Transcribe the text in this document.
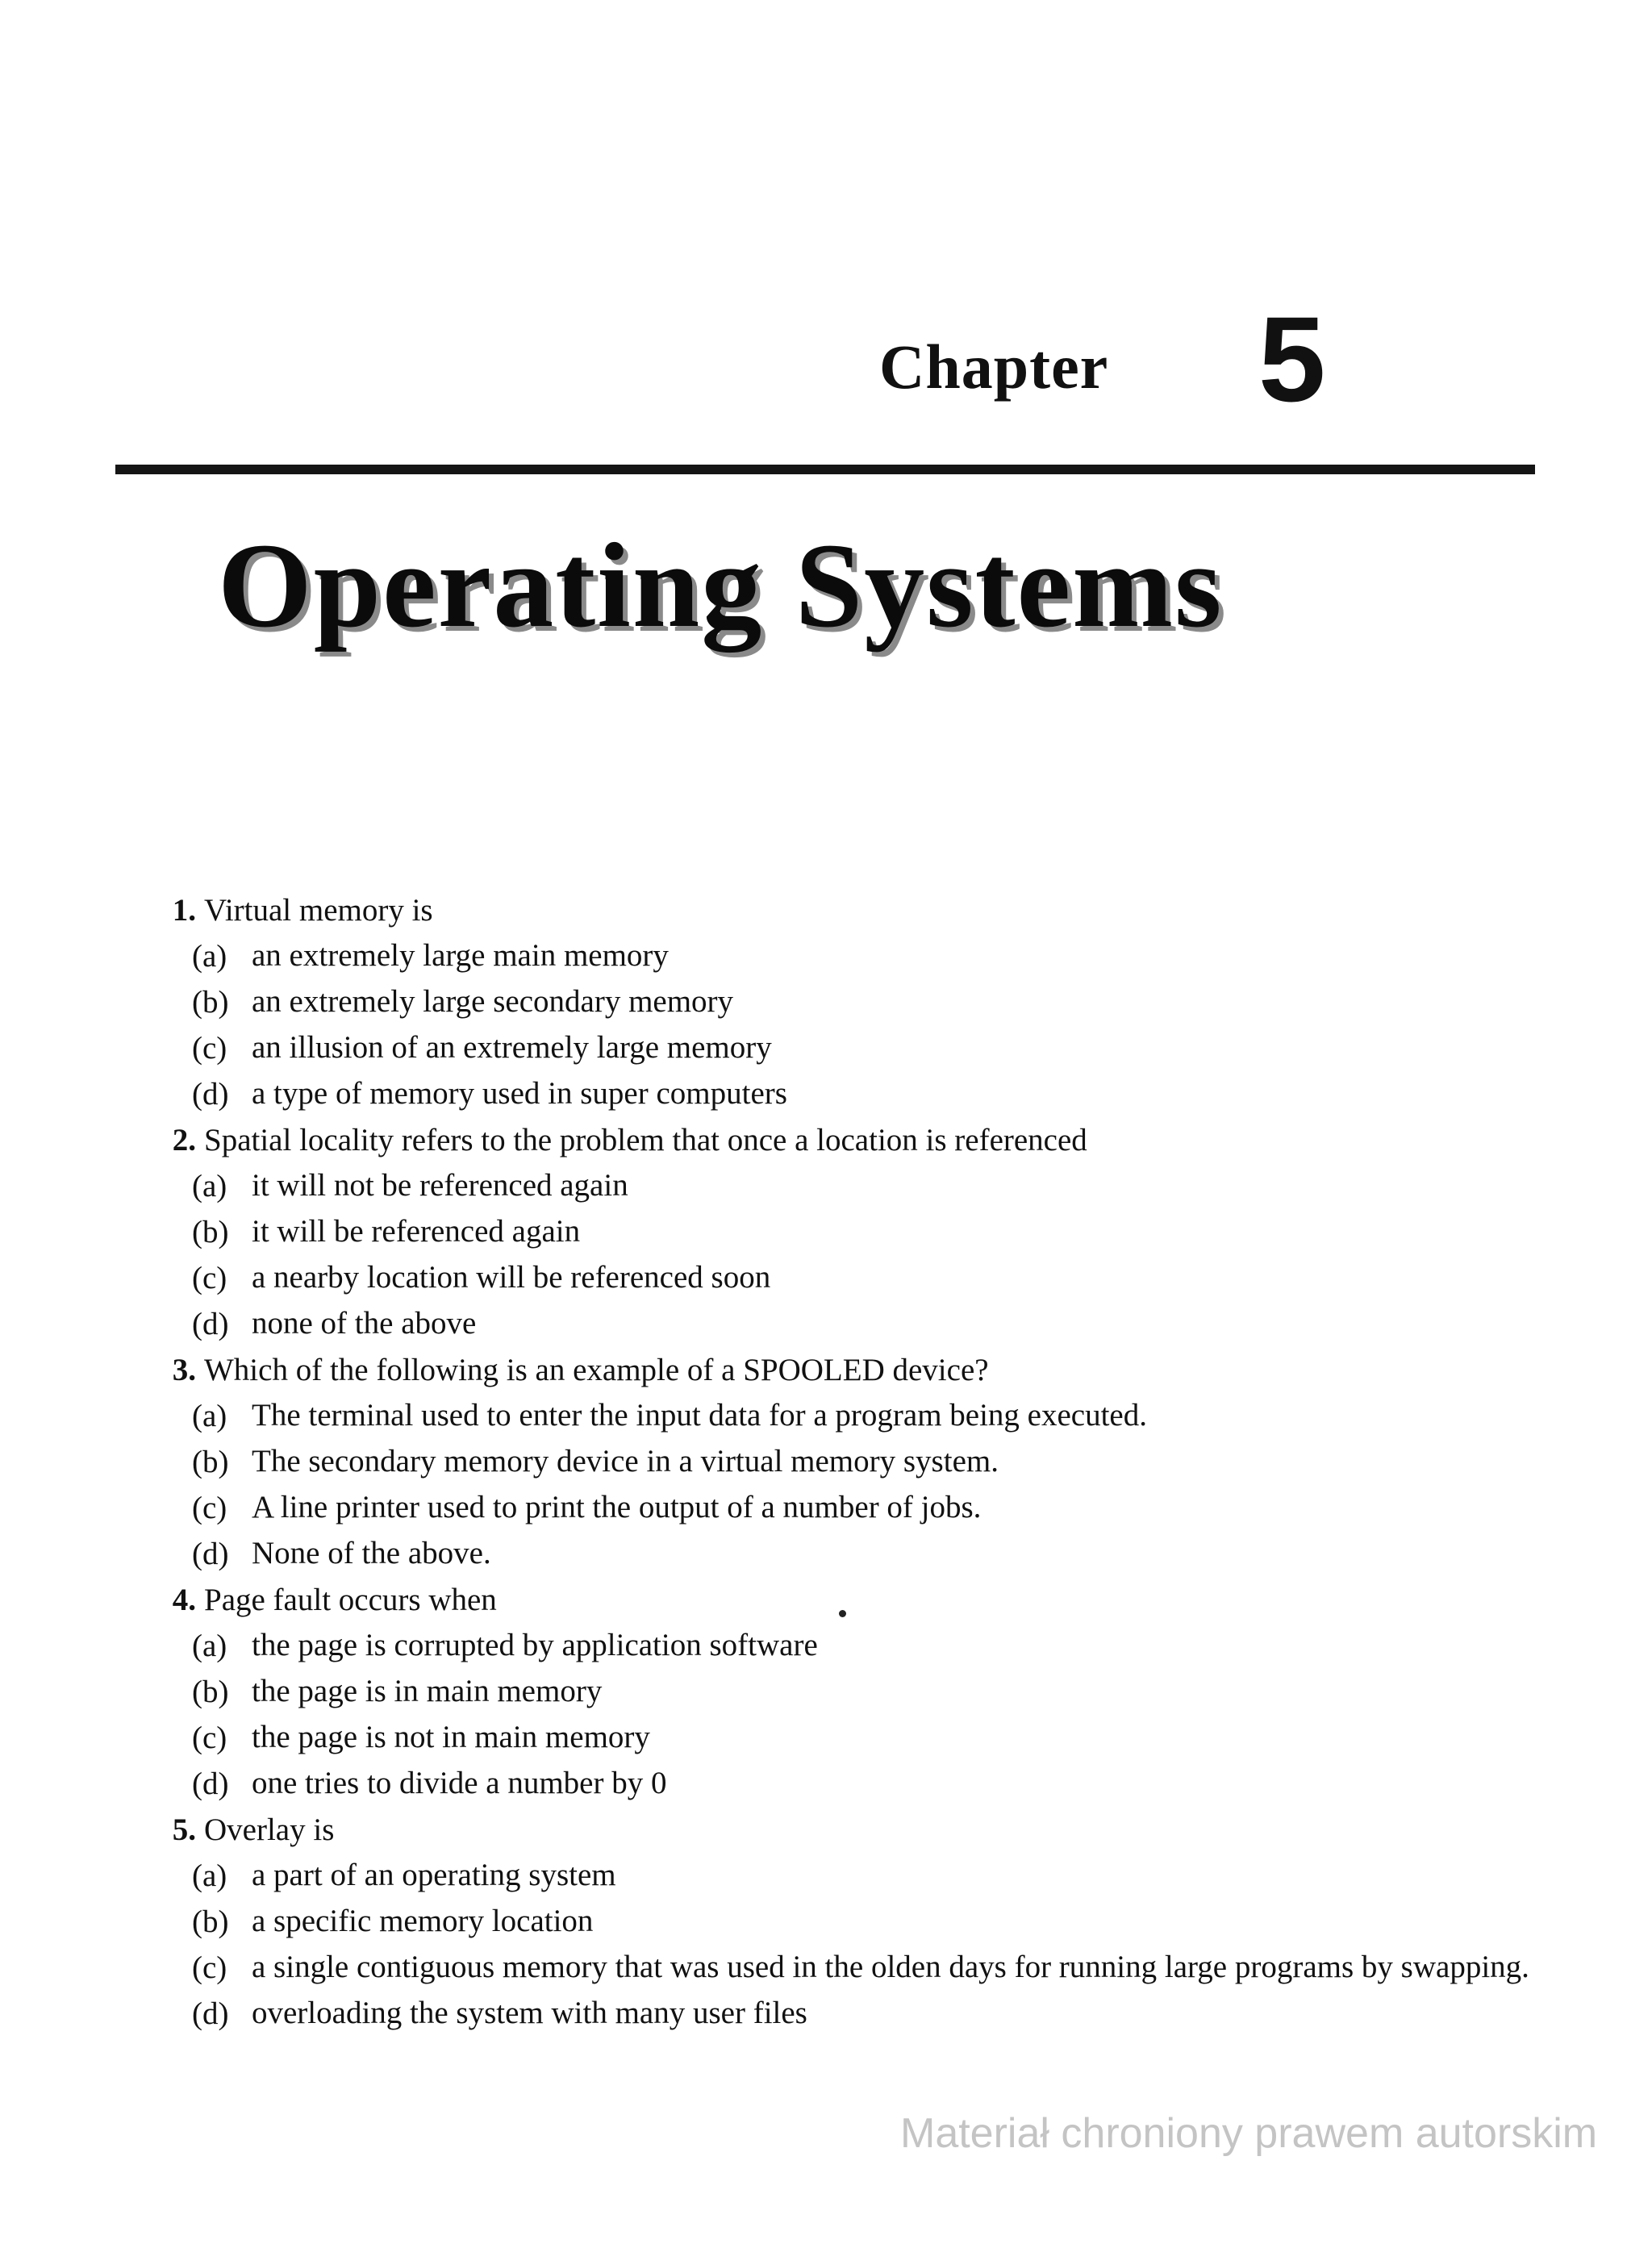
Chapter 5
Operating Systems
1. Virtual memory is
(a) an extremely large main memory
(b) an extremely large secondary memory
(c) an illusion of an extremely large memory
(d) a type of memory used in super computers
2. Spatial locality refers to the problem that once a location is referenced
(a) it will not be referenced again
(b) it will be referenced again
(c) a nearby location will be referenced soon
(d) none of the above
3. Which of the following is an example of a SPOOLED device?
(a) The terminal used to enter the input data for a program being executed.
(b) The secondary memory device in a virtual memory system.
(c) A line printer used to print the output of a number of jobs.
(d) None of the above.
4. Page fault occurs when
(a) the page is corrupted by application software
(b) the page is in main memory
(c) the page is not in main memory
(d) one tries to divide a number by 0
5. Overlay is
(a) a part of an operating system
(b) a specific memory location
(c) a single contiguous memory that was used in the olden days for running large programs by swapping.
(d) overloading the system with many user files
Materiał chroniony prawem autorskim
